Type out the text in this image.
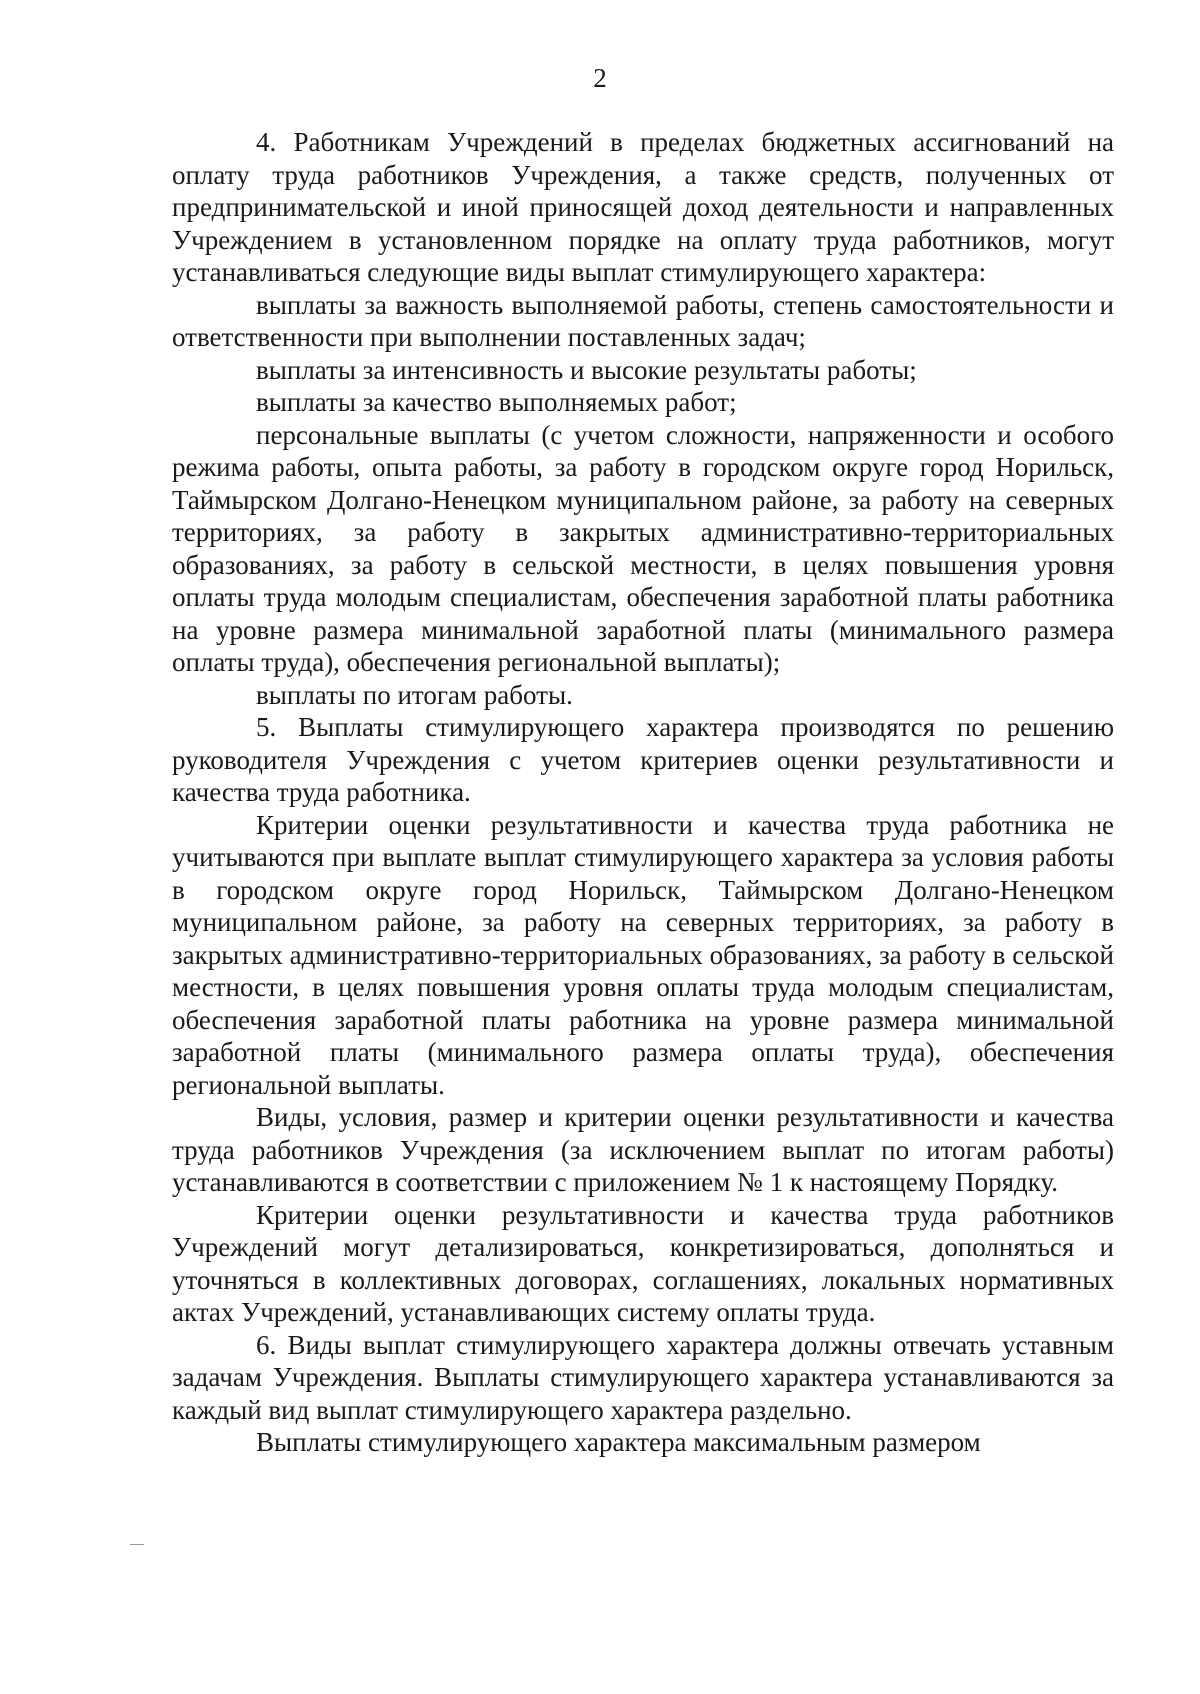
2

4. Работникам Учреждений в пределах бюджетных ассигнований на оплату труда работников Учреждения, а также средств, полученных от предпринимательской и иной приносящей доход деятельности и направленных Учреждением в установленном порядке на оплату труда работников, могут устанавливаться следующие виды выплат стимулирующего характера:

выплаты за важность выполняемой работы, степень самостоятельности и ответственности при выполнении поставленных задач;

выплаты за интенсивность и высокие результаты работы;

выплаты за качество выполняемых работ;

персональные выплаты (с учетом сложности, напряженности и особого режима работы, опыта работы, за работу в городском округе город Норильск, Таймырском Долгано-Ненецком муниципальном районе, за работу на северных территориях, за работу в закрытых административно-территориальных образованиях, за работу в сельской местности, в целях повышения уровня оплаты труда молодым специалистам, обеспечения заработной платы работника на уровне размера минимальной заработной платы (минимального размера оплаты труда), обеспечения региональной выплаты);

выплаты по итогам работы.

5. Выплаты стимулирующего характера производятся по решению руководителя Учреждения с учетом критериев оценки результативности и качества труда работника.

Критерии оценки результативности и качества труда работника не учитываются при выплате выплат стимулирующего характера за условия работы в городском округе город Норильск, Таймырском Долгано-Ненецком муниципальном районе, за работу на северных территориях, за работу в закрытых административно-территориальных образованиях, за работу в сельской местности, в целях повышения уровня оплаты труда молодым специалистам, обеспечения заработной платы работника на уровне размера минимальной заработной платы (минимального размера оплаты труда), обеспечения региональной выплаты.

Виды, условия, размер и критерии оценки результативности и качества труда работников Учреждения (за исключением выплат по итогам работы) устанавливаются в соответствии с приложением № 1 к настоящему Порядку.

Критерии оценки результативности и качества труда работников Учреждений могут детализироваться, конкретизироваться, дополняться и уточняться в коллективных договорах, соглашениях, локальных нормативных актах Учреждений, устанавливающих систему оплаты труда.

6. Виды выплат стимулирующего характера должны отвечать уставным задачам Учреждения. Выплаты стимулирующего характера устанавливаются за каждый вид выплат стимулирующего характера раздельно.

Выплаты стимулирующего характера максимальным размером
